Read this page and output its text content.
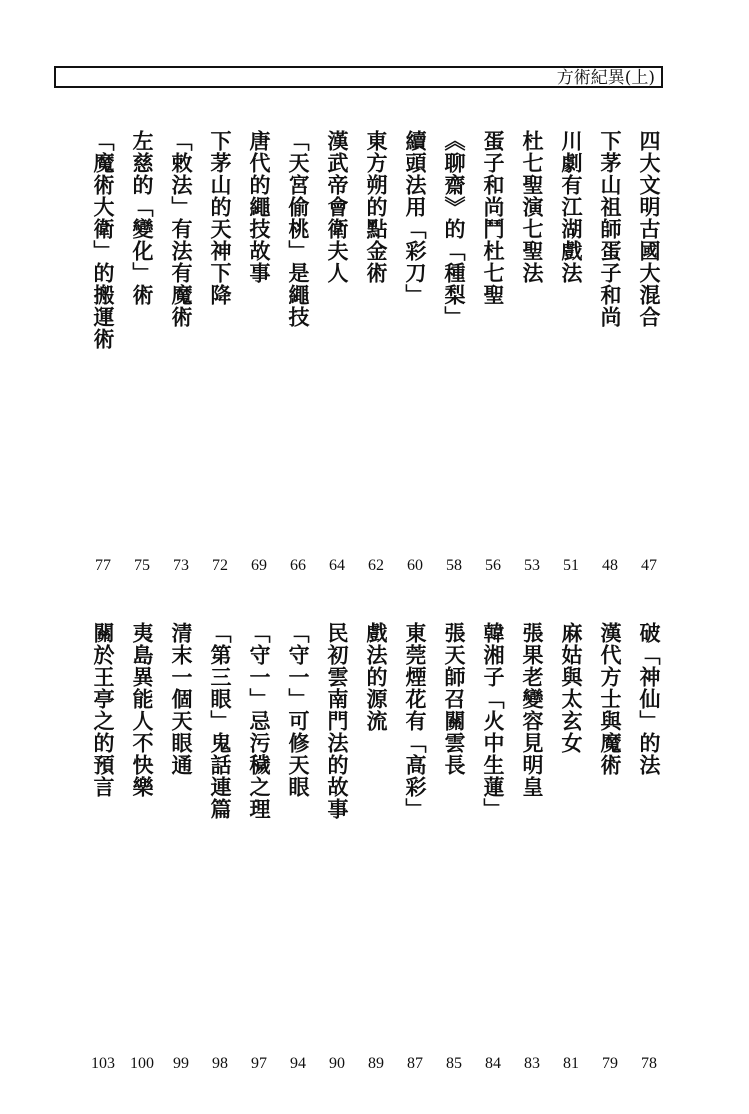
方術紀異(上)
四大文明古國大混合
47
下茅山祖師蛋子和尚
48
川劇有江湖戲法
51
杜七聖演七聖法
53
蛋子和尚鬥杜七聖
56
《聊齋》的「種梨」
58
續頭法用「彩刀」
60
東方朔的點金術
62
漢武帝會衛夫人
64
「天宮偷桃」是繩技
66
唐代的繩技故事
69
下茅山的天神下降
72
「敕法」有法有魔術
73
左慈的「變化」術
75
「魔術大衛」的搬運術
77
破「神仙」的法
78
漢代方士與魔術
79
麻姑與太玄女
81
張果老變容見明皇
83
韓湘子「火中生蓮」
84
張天師召關雲長
85
東莞煙花有「高彩」
87
戲法的源流
89
民初雲南門法的故事
90
「守一」可修天眼
94
「守一」忌污穢之理
97
「第三眼」鬼話連篇
98
清末一個天眼通
99
夷島異能人不快樂
100
關於王亭之的預言
103
